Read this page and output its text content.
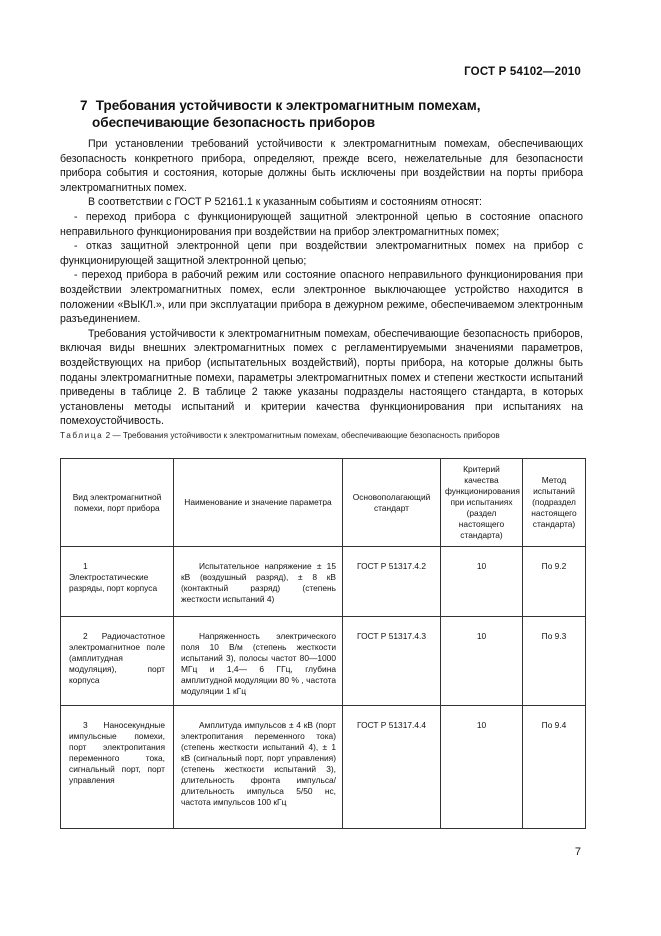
ГОСТ Р 54102—2010
7 Требования устойчивости к электромагнитным помехам,
обеспечивающие безопасность приборов

При установлении требований устойчивости к электромагнитным помехам, обеспечивающих безопасность конкретного прибора, определяют, прежде всего, нежелательные для безопасности прибора события и состояния, которые должны быть исключены при воздействии на порты прибора электромагнитных помех.

В соответствии с ГОСТ Р 52161.1 к указанным событиям и состояниям относят:

- переход прибора с функционирующей защитной электронной цепью в состояние опасного неправильного функционирования при воздействии на прибор электромагнитных помех;

- отказ защитной электронной цепи при воздействии электромагнитных помех на прибор с функционирующей защитной электронной цепью;

- переход прибора в рабочий режим или состояние опасного неправильного функционирования при воздействии электромагнитных помех, если электронное выключающее устройство находится в положении «ВЫКЛ.», или при эксплуатации прибора в дежурном режиме, обеспечиваемом электронным разъединением.

Требования устойчивости к электромагнитным помехам, обеспечивающие безопасность приборов, включая виды внешних электромагнитных помех с регламентируемыми значениями параметров, воздействующих на прибор (испытательных воздействий), порты прибора, на которые должны быть поданы электромагнитные помехи, параметры электромагнитных помех и степени жесткости испытаний приведены в таблице 2. В таблице 2 также указаны подразделы настоящего стандарта, в которых установлены методы испытаний и критерии качества функционирования при испытаниях на помехоустойчивость.

Таблица 2 — Требования устойчивости к электромагнитным помехам, обеспечивающие безопасность приборов
Вид электромагнитной помехи, порт прибора	Наименование и значение параметра	Основополагающий стандарт	Критерий качества функционирования при испытаниях (раздел настоящего стандарта)	Метод испытаний (подраздел настоящего стандарта)

1 Электростатические разряды, порт корпуса	Испытательное напряжение ± 15 кВ (воздушный разряд), ± 8 кВ (контактный разряд) (степень жесткости испытаний 4)	ГОСТ Р 51317.4.2	10	По 9.2

2 Радиочастотное электромагнитное поле (амплитудная модуляция), порт корпуса	Напряженность электрического поля 10 В/м (степень жесткости испытаний 3), полосы частот 80—1000 МГц и 1,4— 6 ГГц, глубина амплитудной модуляции 80 % , частота модуляции 1 кГц	ГОСТ Р 51317.4.3	10	По 9.3

3 Наносекундные импульсные помехи, порт электропитания переменного тока, сигнальный порт, порт управления	Амплитуда импульсов ± 4 кВ (порт электропитания переменного тока) (степень жесткости испытаний 4), ± 1 кВ (сигнальный порт, порт управления) (степень жесткости испытаний 3), длительность фронта импульса/длительность импульса 5/50 нс, частота импульсов 100 кГц	ГОСТ Р 51317.4.4	10	По 9.4
7
